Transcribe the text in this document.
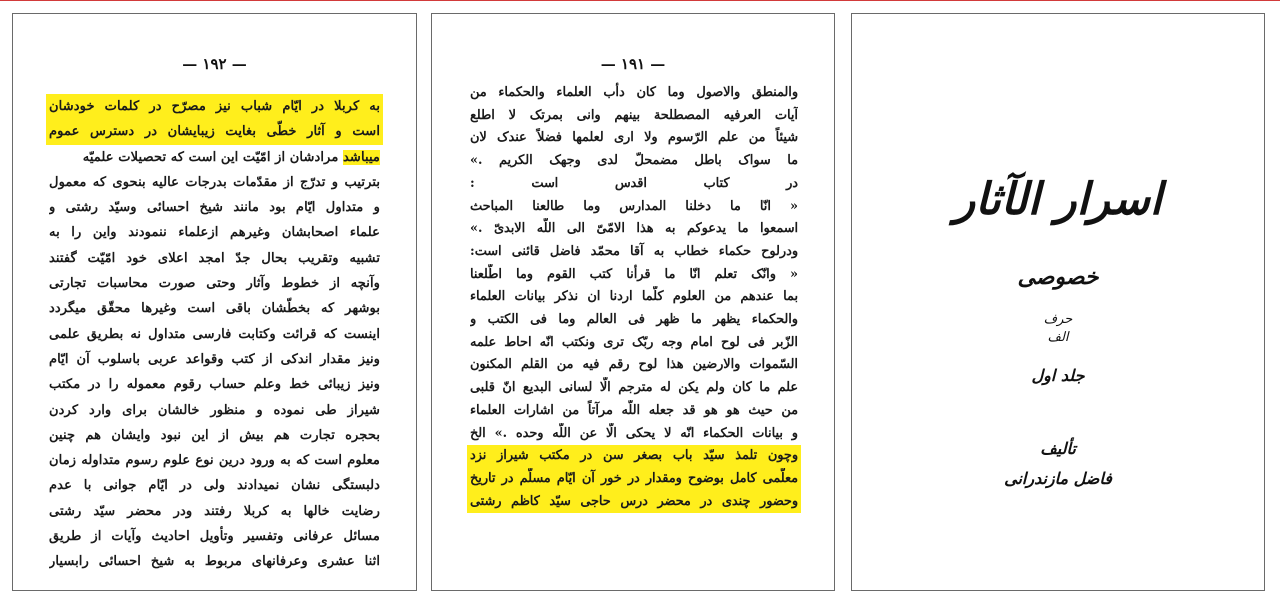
— ۱۹۲ —
به کربلا در ایّام شباب نیز مصرّح در کلمات خودشان
است و آثار خطّی بغایت زیبایشان در دسترس عموم
میباشد مرادشان از امّیّت این است که تحصیلات علمیّه
بترتیب و تدرّج از مقدّمات بدرجات عالیه بنحوی که معمول
و متداول ایّام بود مانند شیخ احسائی وسیّد رشتی و
علماء اصحابشان وغیرهم ازعلماء ننمودند واین را به
تشبیه وتقریب بحال جدّ امجد اعلای خود امّیّت گفتند
وآنچه از خطوط وآثار وحتی صورت محاسبات تجارتی
بوشهر که بخطّشان باقی است وغیرها محقّق میگردد
اینست که قرائت وکتابت فارسی متداول نه بطریق علمی
ونیز مقدار اندکی از کتب وقواعد عربی باسلوب آن ایّام
ونیز زیبائی خط وعلم حساب رقوم معموله را در مکتب
شیراز طی نموده و منظور خالشان برای وارد کردن
بحجره تجارت هم بیش از این نبود وایشان هم چنین
معلوم است که به ورود درین نوع علوم رسوم متداوله زمان
دلبستگی نشان نمیدادند ولی در ایّام جوانی با عدم
رضایت خالها به کربلا رفتند ودر محضر سیّد رشتی
مسائل عرفانی وتفسیر وتأویل احادیث وآیات از طریق
اثنا عشری وعرفانهای مربوط به شیخ احسائی رابسیار
— ۱۹۱ —
والمنطق والاصول وما کان دأب العلماء والحکماء من
آیات العرفیه المصطلحة بینهم وانی بمرتک لا اطلع
شیئاً من علم الرّسوم ولا اری لعلمها فضلاً عندک لان
ما سواک باطل مضمحلّ لدی وجهک الکریم .»
در کتاب اقدس است :
« انّا ما دخلنا المدارس وما طالعنا المباحث
اسمعوا ما یدعوکم به هذا الامّیّ الی اللّه الابدیّ .»
ودرلوح حکماء خطاب به آقا محمّد فاضل قائنی است:
« وانّک تعلم انّا ما قرأنا کتب القوم وما اطّلعنا
بما عندهم من العلوم کلّما اردنا ان نذکر بیانات العلماء
والحکماء یظهر ما ظهر فی العالم وما فی الکتب و
الزّبر فی لوح امام وجه ربّک تری ونکتب انّه احاط علمه
السّموات والارضین هذا لوح رقم فیه من القلم المکنون
علم ما کان ولم یکن له مترجم الّا لسانی البدیع انّ قلبی
من حیث هو هو قد جعله اللّه مرآتاً من اشارات العلماء
و بیانات الحکماء انّه لا یحکی الّا عن اللّه وحده .» الخ
وچون تلمذ سیّد باب بصغر سن در مکتب شیراز نزد
معلّمی کامل بوضوح ومقدار در خور آن ایّام مسلّم در تاریخ
وحضور چندی در محضر درس حاجی سیّد کاظم رشتی
اسرار الآثار
خصوصی
حرف
الف
جلد اول
تألیف
فاضل مازندرانی
